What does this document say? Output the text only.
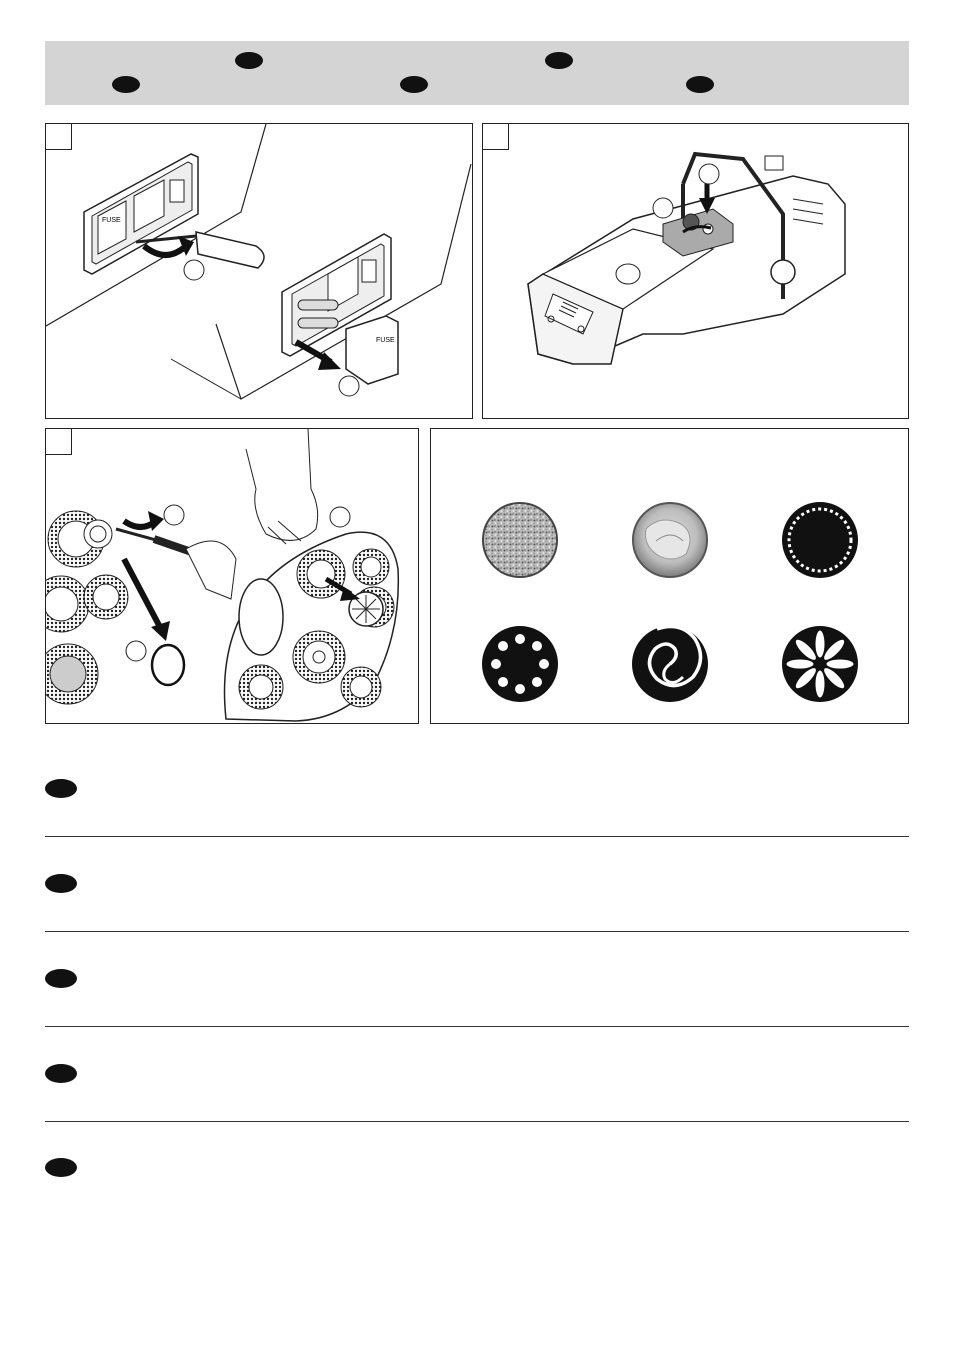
FUSE
FUSE
